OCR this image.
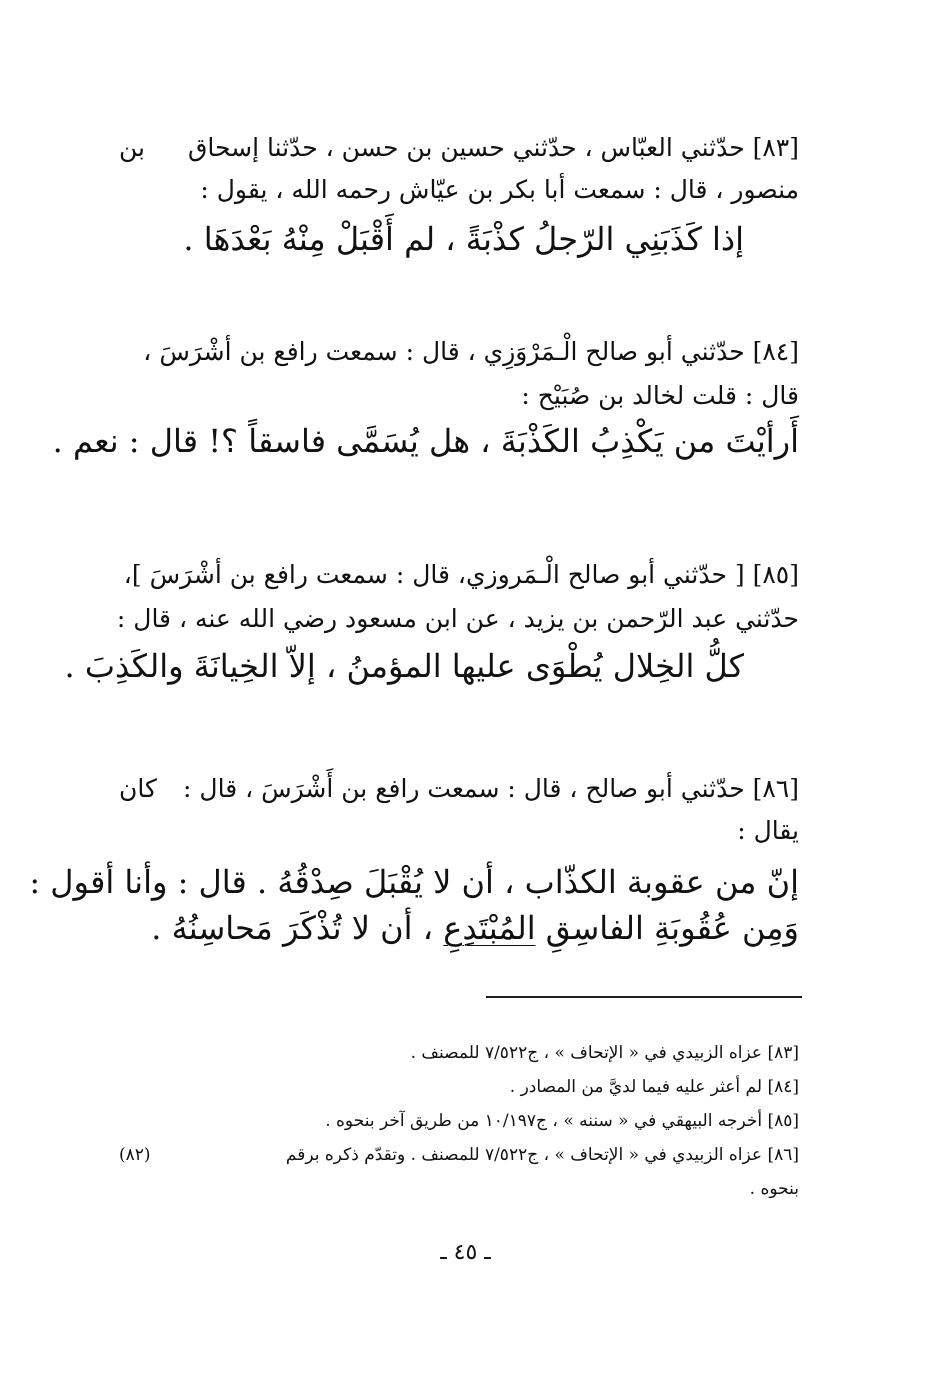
[٨٣] حدّثني العبّاس ، حدّثني حسين بن حسن ، حدّثنا إسحاق
بن
منصور ، قال : سمعت أبا بكر بن عيّاش رحمه الله ، يقول :
إذا كَذَبَنِي الرّجلُ كذْبَةً ، لم أَقْبَلْ مِنْهُ بَعْدَهَا .
[٨٤] حدّثني أبو صالح الْـمَرْوَزِي ، قال : سمعت رافع بن أشْرَسَ ،
قال : قلت لخالد بن صُبَيْح :
أَرأيْتَ من يَكْذِبُ الكَذْبَةَ ، هل يُسَمَّى فاسقاً ؟! قال : نعم .
[٨٥] [ حدّثني أبو صالح الْـمَروزي، قال : سمعت رافع بن أشْرَسَ ]،
حدّثني عبد الرّحمن بن يزيد ، عن ابن مسعود رضي الله عنه ، قال :
كلُّ الخِلال يُطْوَى عليها المؤمنُ ، إلاّ الخِيانَةَ والكَذِبَ .
[٨٦] حدّثني أبو صالح ، قال : سمعت رافع بن أَشْرَسَ ، قال :
كان
يقال :
إنّ من عقوبة الكذّاب ، أن لا يُقْبَلَ صِدْقُهُ . قال : وأنا أقول :
وَمِن عُقُوبَةِ الفاسِقِ المُبْتَدِعِ ، أن لا تُذْكَرَ مَحاسِنُهُ .
[٨٣] عزاه الزبيدي في « الإتحاف » ، ج٧/٥٢٢ للمصنف .
[٨٤] لم أعثر عليه فيما لديَّ من المصادر .
[٨٥] أخرجه البيهقي في « سننه » ، ج١٠/١٩٧ من طريق آخر بنحوه .
[٨٦] عزاه الزبيدي في « الإتحاف » ، ج٧/٥٢٢ للمصنف . وتقدّم ذكره برقم
(٨٢)
بنحوه .
ـ ٤٥ ـ
